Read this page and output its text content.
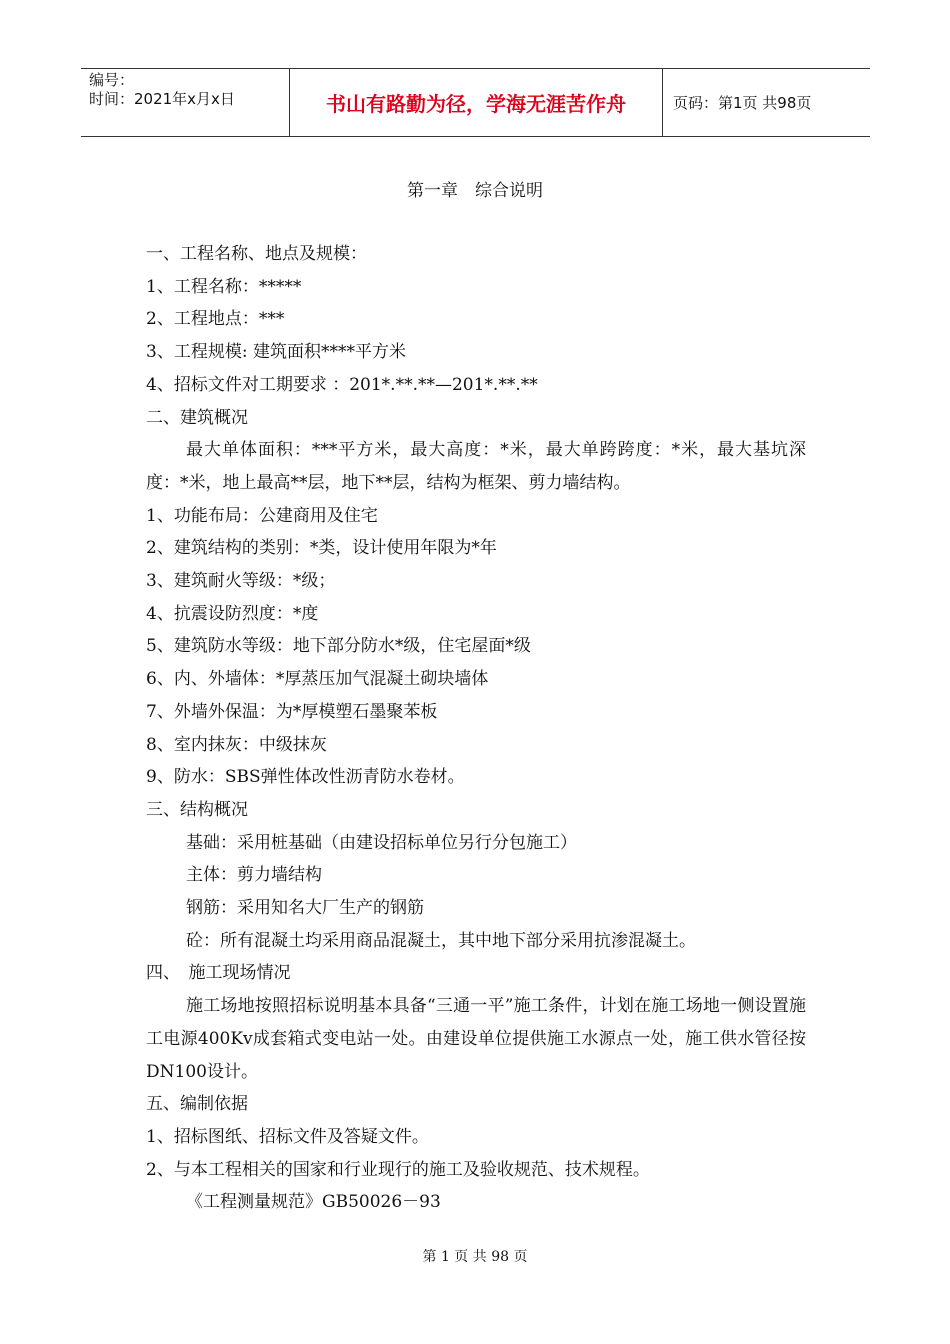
编号：
时间：2021年x月x日	书山有路勤为径，学海无涯苦作舟	页码：第1页 共98页
第一章　综合说明
一、工程名称、地点及规模：
1、工程名称：*****
2、工程地点：***
3、工程规模: 建筑面积****平方米
4、招标文件对工期要求 ：201*.**.**—201*.**.**
二、建筑概况
最大单体面积：***平方米，最大高度：*米，最大单跨跨度：*米，最大基坑深度：*米，地上最高**层，地下**层，结构为框架、剪力墙结构。
1、功能布局：公建商用及住宅
2、建筑结构的类别：*类，设计使用年限为*年
3、建筑耐火等级：*级；
4、抗震设防烈度：*度
5、建筑防水等级：地下部分防水*级，住宅屋面*级
6、内、外墙体：*厚蒸压加气混凝土砌块墙体
7、外墙外保温：为*厚模塑石墨聚苯板
8、室内抹灰：中级抹灰
9、防水：SBS弹性体改性沥青防水卷材。
三、结构概况
基础：采用桩基础（由建设招标单位另行分包施工）
主体：剪力墙结构
钢筋：采用知名大厂生产的钢筋
砼：所有混凝土均采用商品混凝土，其中地下部分采用抗渗混凝土。
四、　施工现场情况
施工场地按照招标说明基本具备“三通一平”施工条件，计划在施工场地一侧设置施工电源400Kv成套箱式变电站一处。由建设单位提供施工水源点一处，施工供水管径按DN100设计。
五、编制依据
1、招标图纸、招标文件及答疑文件。
2、与本工程相关的国家和行业现行的施工及验收规范、技术规程。
《工程测量规范》GB50026－93
第 1 页 共 98 页
